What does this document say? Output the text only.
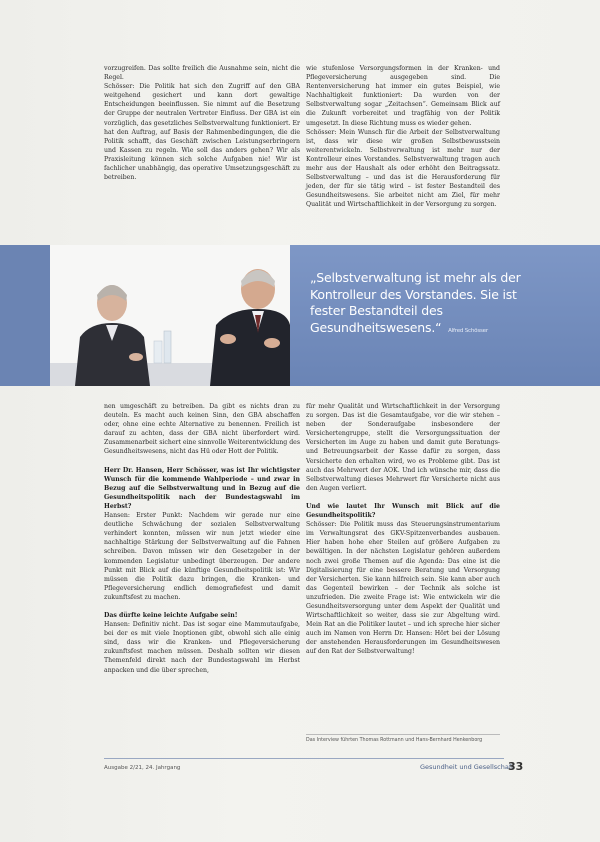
vorzugreifen. Das sollte freilich die Ausnahme sein, nicht die Regel.

Schösser: Die Politik hat sich den Zugriff auf den GBA weitgehend gesichert und kann dort gewaltige Entscheidungen beeinflussen. Sie nimmt auf die Besetzung der Gruppe der neutralen Vertreter Einfluss. Der GBA ist ein vorzüglich, das gesetzliches Selbstverwaltung funktioniert. Er hat den Auftrag, auf Basis der Rahmenbedingungen, die die Politik schafft, das Geschäft zwischen Leistungserbringern und Kassen zu regeln. Wie soll das anders gehen? Wir als Praxisleitung können sich solche Aufgaben nie! Wir ist fachlicher unabhängig, das operative Umsetzungsgeschäft zu betreiben.

wie stufenlose Versorgungsformen in der Kranken- und Pflegeversicherung ausgegeben sind. Die Rentenversicherung hat immer ein gutes Beispiel, wie Nachhaltigkeit funktioniert: Da wurden von der Selbstverwaltung sogar „Zeitachsen“. Gemeinsam Blick auf die Zukunft vorbereitet und tragfähig von der Politik umgesetzt. In diese Richtung muss es wieder gehen.

Schösser: Mein Wunsch für die Arbeit der Selbstverwaltung ist, dass wir diese wir großen Selbstbewusstsein weiterentwickeln. Selbstverwaltung ist mehr nur der Kontrolleur eines Vorstandes. Selbstverwaltung tragen auch mehr aus der Haushalt als oder erhöht den Beitragssatz. Selbstverwaltung – und das ist die Herausforderung für jeden, der für sie tätig wird – ist fester Bestandteil des Gesundheitswesens. Sie arbeitet nicht am Ziel, für mehr Qualität und Wirtschaftlichkeit in der Versorgung zu sorgen.

„Selbstverwaltung ist mehr als der Kontrolleur des Vorstandes. Sie ist fester Bestandteil des Gesundheitswesens.“ Alfred Schösser

nen umgeschäft zu betreiben. Da gibt es nichts dran zu deuteln. Es macht auch keinen Sinn, den GBA abschaffen oder, ohne eine echte Alternative zu benennen. Freilich ist darauf zu achten, dass der GBA nicht überfordert wird. Zusammenarbeit sichert eine sinnvolle Weiterentwicklung des Gesundheitswesens, nicht das Hü oder Hott der Politik.

Herr Dr. Hansen, Herr Schösser, was ist Ihr wichtigster Wunsch für die kommende Wahlperiode – und zwar in Bezug auf die Selbstverwaltung und in Bezug auf die Gesundheitspolitik nach der Bundestagswahl im Herbst?

Hansen: Erster Punkt: Nachdem wir gerade nur eine deutliche Schwächung der sozialen Selbstverwaltung verhindert konnten, müssen wir nun jetzt wieder eine nachhaltige Stärkung der Selbstverwaltung auf die Fahnen schreiben. Davon müssen wir den Gesetzgeber in der kommenden Legislatur unbedingt überzeugen. Der andere Punkt mit Blick auf die künftige Gesundheitspolitik ist: Wir müssen die Politik dazu bringen, die Kranken- und Pflegeversicherung endlich demografiefest und damit zukunftsfest zu machen.

Das dürfte keine leichte Aufgabe sein!

Hansen: Definitiv nicht. Das ist sogar eine Mammutaufgabe, bei der es mit viele Inoptionen gibt, obwohl sich alle einig sind, dass wir die Kranken- und Pflegeversicherung zukunftsfest machen müssen. Deshalb sollten wir diesen Themenfeld direkt nach der Bundestagswahl im Herbst anpacken und die über sprechen,

für mehr Qualität und Wirtschaftlichkeit in der Versorgung zu sorgen. Das ist die Gesamtaufgabe, vor die wir stehen – neben der Sonderaufgabe insbesondere der Versichertengruppe, stellt die Versorgungssituation der Versicherten im Auge zu haben und damit gute Beratungs- und Betreuungsarbeit der Kasse dafür zu sorgen, dass Versicherte den erhalten wird, wo es Probleme gibt. Das ist auch das Mehrwert der AOK. Und ich wünsche mir, dass die Selbstverwaltung dieses Mehrwert für Versicherte nicht aus den Augen verliert.

Und wie lautet Ihr Wunsch mit Blick auf die Gesundheitspolitik?

Schösser: Die Politik muss das Steuerungsinstrumentarium im Verwaltungsrat des GKV-Spitzenverbandes ausbauen. Hier haben hohe eher Steilen auf größere Aufgaben zu bewältigen. In der nächsten Legislatur gehören außerdem noch zwei große Themen auf die Agenda: Das eine ist die Digitalisierung für eine bessere Beratung und Versorgung der Versicherten. Sie kann hilfreich sein. Sie kann aber auch das Gegenteil bewirken – der Technik als solche ist unzufrieden. Die zweite Frage ist: Wie entwickeln wir die Gesundheitsversorgung unter dem Aspekt der Qualität und Wirtschaftlichkeit so weiter, dass sie zur Abgeltung wird. Mein Rat an die Politiker lautet – und ich spreche hier sicher auch im Namen von Herrn Dr. Hansen: Hört bei der Lösung der anstehenden Herausforderungen im Gesundheitswesen auf den Rat der Selbstverwaltung!

Das Interview führten Thomas Rottmann und Hans-Bernhard Henkenborg
Ausgabe 2/21, 24. Jahrgang	Gesundheit und Gesellschaft
33
